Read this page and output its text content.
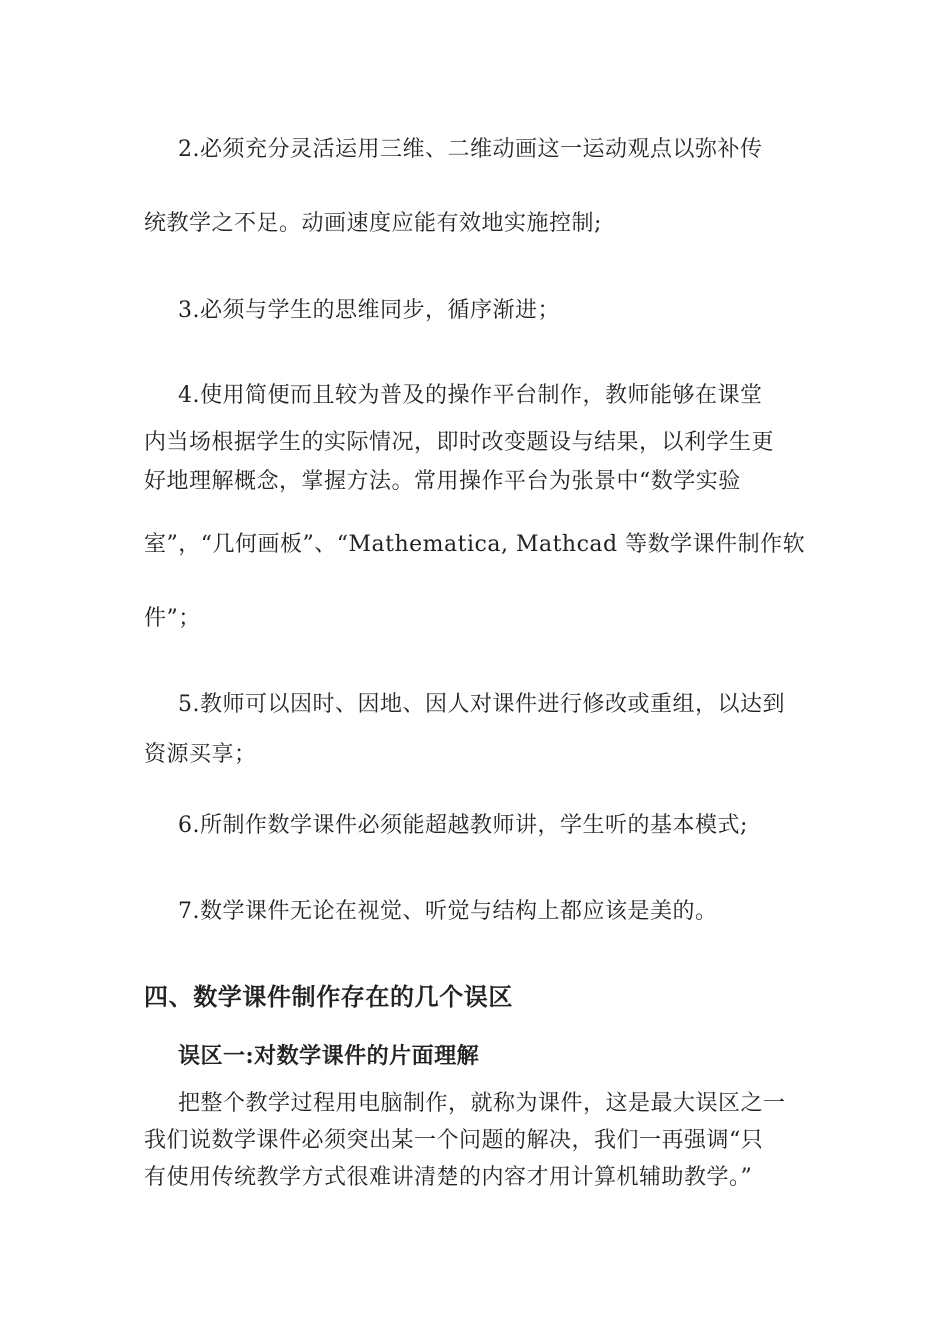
2.必须充分灵活运用三维、二维动画这一运动观点以弥补传
统教学之不足。动画速度应能有效地实施控制;
3.必须与学生的思维同步，循序渐进；
4.使用简便而且较为普及的操作平台制作，教师能够在课堂
内当场根据学生的实际情况，即时改变题设与结果，以利学生更
好地理解概念，掌握方法。常用操作平台为张景中“数学实验
室”，“几何画板”、“Mathematica, Mathcad 等数学课件制作软
件”；
5.教师可以因时、因地、因人对课件进行修改或重组，以达到
资源买享；
6.所制作数学课件必须能超越教师讲，学生听的基本模式;
7.数学课件无论在视觉、听觉与结构上都应该是美的。
四、数学课件制作存在的几个误区
误区一:对数学课件的片面理解
把整个教学过程用电脑制作，就称为课件，这是最大误区之一
我们说数学课件必须突出某一个问题的解决，我们一再强调“只
有使用传统教学方式很难讲清楚的内容才用计算机辅助教学。”
